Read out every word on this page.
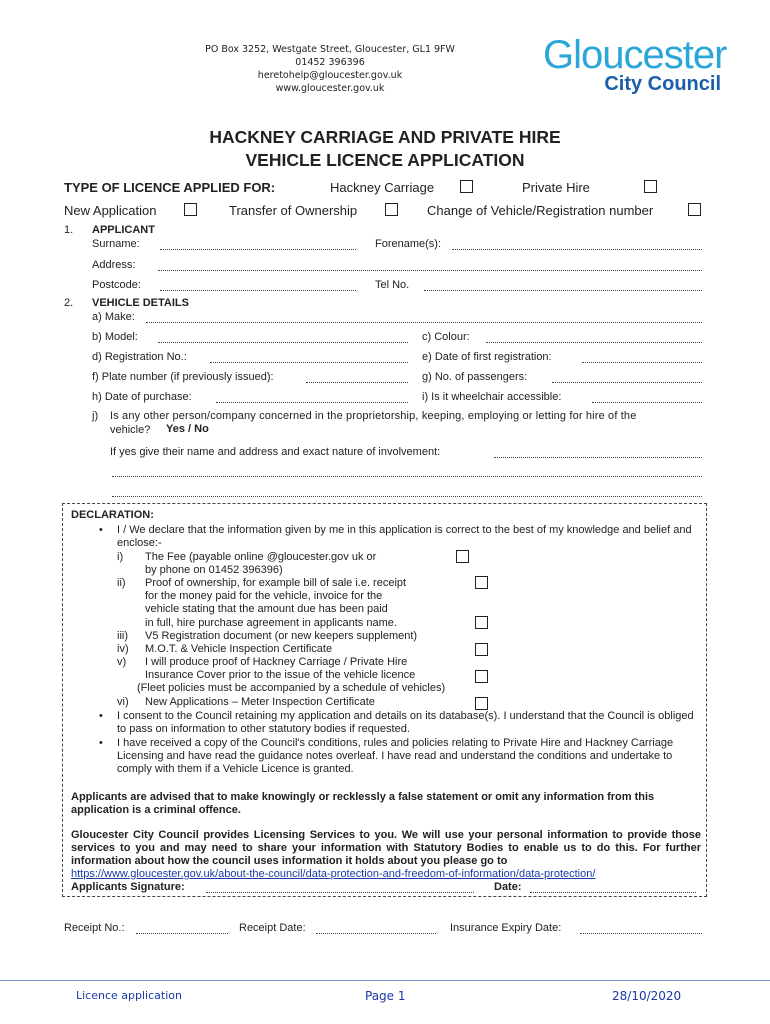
PO Box 3252, Westgate Street, Gloucester, GL1 9FW
01452 396396
heretohelp@gloucester.gov.uk
www.gloucester.gov.uk
Gloucester
City Council
HACKNEY CARRIAGE AND PRIVATE HIRE
VEHICLE LICENCE APPLICATION
TYPE OF LICENCE APPLIED FOR:	Hackney Carriage	Private Hire
New Application	Transfer of Ownership	Change of Vehicle/Registration number
1. APPLICANT
Surname:	Forename(s):
Address:
Postcode:	Tel No.
2. VEHICLE DETAILS
a) Make:
b) Model:	c) Colour:
d) Registration No.:	e) Date of first registration:
f) Plate number (if previously issued):	g) No. of passengers:
h) Date of purchase:	i) Is it wheelchair accessible:
j) Is any other person/company concerned in the proprietorship, keeping, employing or letting for hire of the
vehicle? Yes / No
If yes give their name and address and exact nature of involvement:
DECLARATION:
• I / We declare that the information given by me in this application is correct to the best of my knowledge and belief and enclose:-
i) The Fee (payable online @gloucester.gov uk or
by phone on 01452 396396)
ii) Proof of ownership, for example bill of sale i.e. receipt
for the money paid for the vehicle, invoice for the
vehicle stating that the amount due has been paid
in full, hire purchase agreement in applicants name.
iii) V5 Registration document (or new keepers supplement)
iv) M.O.T. & Vehicle Inspection Certificate
v) I will produce proof of Hackney Carriage / Private Hire
Insurance Cover prior to the issue of the vehicle licence
(Fleet policies must be accompanied by a schedule of vehicles)
vi) New Applications – Meter Inspection Certificate
• I consent to the Council retaining my application and details on its database(s). I understand that the Council is obliged to pass on information to other statutory bodies if requested.
• I have received a copy of the Council's conditions, rules and policies relating to Private Hire and Hackney Carriage Licensing and have read the guidance notes overleaf. I have read and understand the conditions and undertake to comply with them if a Vehicle Licence is granted.
Applicants are advised that to make knowingly or recklessly a false statement or omit any information from this application is a criminal offence.
Gloucester City Council provides Licensing Services to you. We will use your personal information to provide those services to you and may need to share your information with Statutory Bodies to enable us to do this. For further information about how the council uses information it holds about you please go to
https://www.gloucester.gov.uk/about-the-council/data-protection-and-freedom-of-information/data-protection/
Applicants Signature:	Date:
Receipt No.:	Receipt Date:	Insurance Expiry Date:
Licence application	Page 1	28/10/2020
